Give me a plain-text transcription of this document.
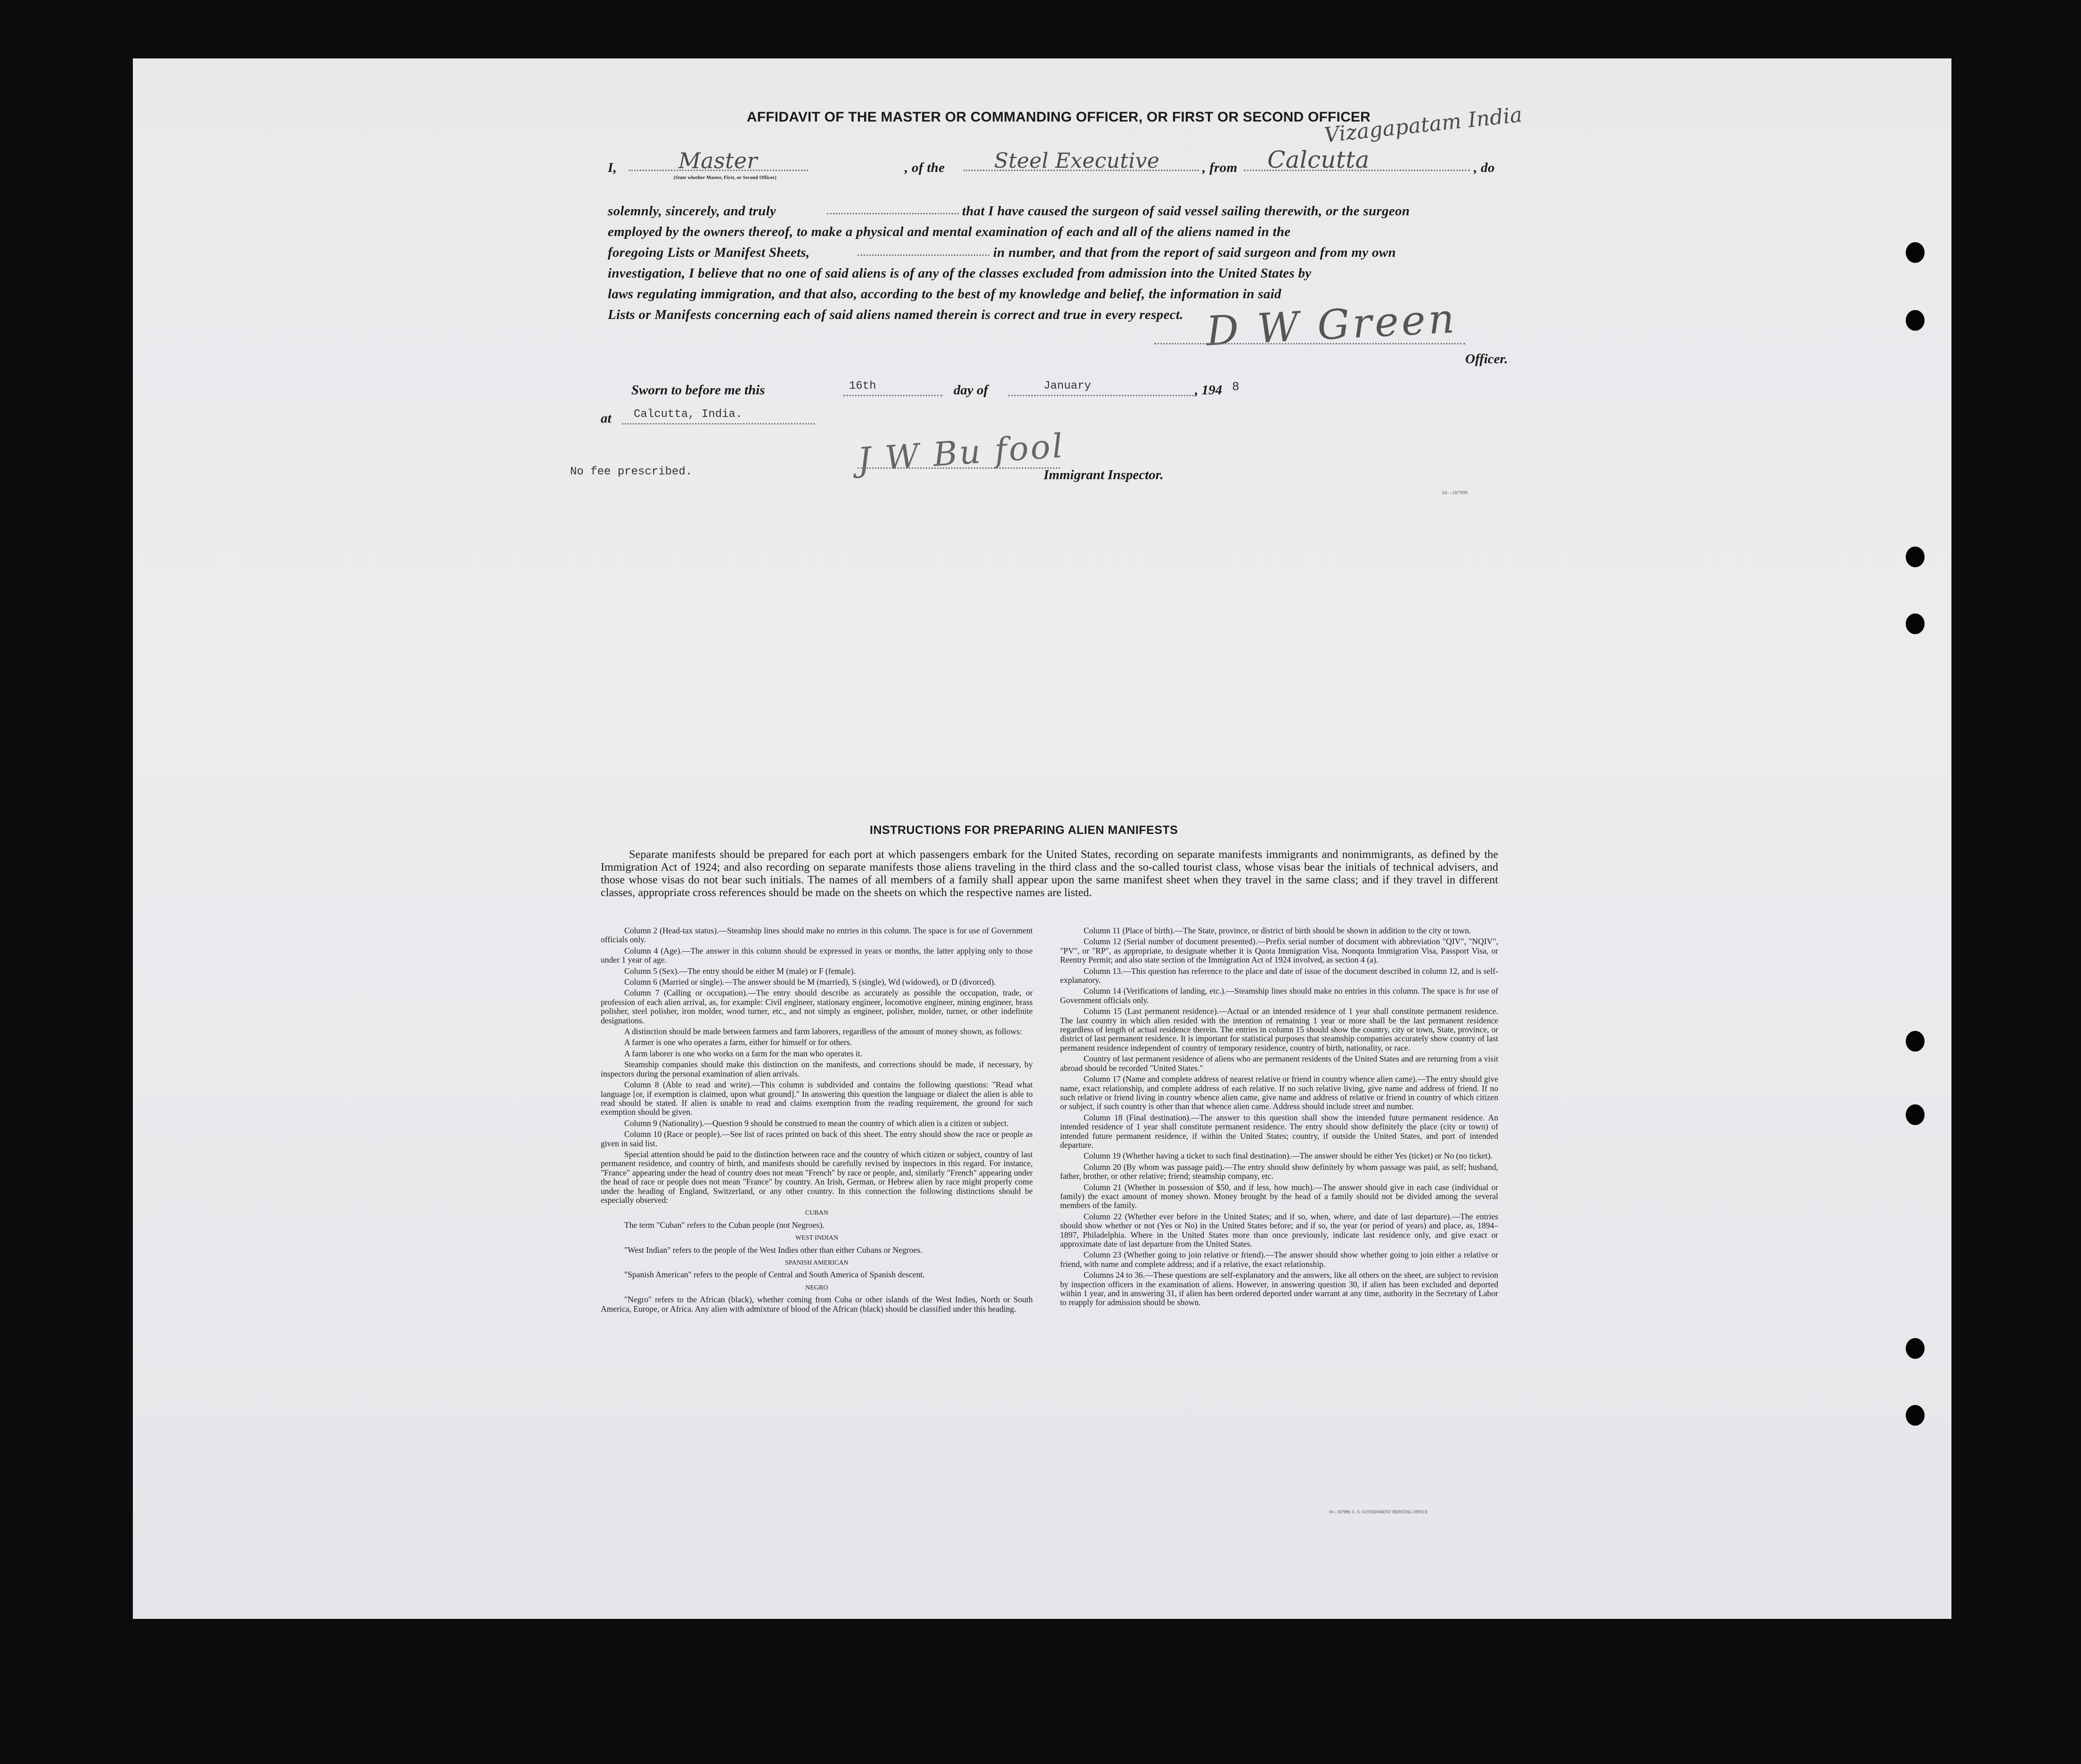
AFFIDAVIT OF THE MASTER OR COMMANDING OFFICER, OR FIRST OR SECOND OFFICER
I,	Master
(State whether Master, First, or Second Officer)
, of the Steel Executive	, from Calcutta
Vizagapatam India
, do
solemnly, sincerely, and truly	that I have caused the surgeon of said vessel sailing therewith, or the surgeon
employed by the owners thereof, to make a physical and mental examination of each and all of the aliens named in the
foregoing Lists or Manifest Sheets,	in number, and that from the report of said surgeon and from my own
investigation, I believe that no one of said aliens is of any of the classes excluded from admission into the United States by
laws regulating immigration, and that also, according to the best of my knowledge and belief, the information in said
Lists or Manifests concerning each of said aliens named therein is correct and true in every respect. D W Green
Officer.
Sworn to before me this	16th	day of	January	, 194 8
at Calcutta, India.
No fee prescribed.	J W Bu fool
Immigrant Inspector.
10—187999
INSTRUCTIONS FOR PREPARING ALIEN MANIFESTS
Separate manifests should be prepared for each port at which passengers embark for the United States, recording on separate manifests immigrants and nonimmigrants, as defined by the Immigration Act of 1924; and also recording on separate manifests those aliens traveling in the third class and the so-called tourist class, whose visas bear the initials of technical advisers, and those whose visas do not bear such initials. The names of all members of a family shall appear upon the same manifest sheet when they travel in the same class; and if they travel in different classes, appropriate cross references should be made on the sheets on which the respective names are listed.

Column 2 (Head-tax status).—Steamship lines should make no entries in this column. The space is for use of Government officials only.

Column 4 (Age).—The answer in this column should be expressed in years or months, the latter applying only to those under 1 year of age.

Column 5 (Sex).—The entry should be either M (male) or F (female).

Column 6 (Married or single).—The answer should be M (married), S (single), Wd (widowed), or D (divorced).

Column 7 (Calling or occupation).—The entry should describe as accurately as possible the occupation, trade, or profession of each alien arrival, as, for example: Civil engineer, stationary engineer, locomotive engineer, mining engineer, brass polisher, steel polisher, iron molder, wood turner, etc., and not simply as engineer, polisher, molder, turner, or other indefinite designations.

A distinction should be made between farmers and farm laborers, regardless of the amount of money shown, as follows:

A farmer is one who operates a farm, either for himself or for others.

A farm laborer is one who works on a farm for the man who operates it.

Steamship companies should make this distinction on the manifests, and corrections should be made, if necessary, by inspectors during the personal examination of alien arrivals.

Column 8 (Able to read and write).—This column is subdivided and contains the following questions: "Read what language [or, if exemption is claimed, upon what ground]." In answering this question the language or dialect the alien is able to read should be stated. If alien is unable to read and claims exemption from the reading requirement, the ground for such exemption should be given.

Column 9 (Nationality).—Question 9 should be construed to mean the country of which alien is a citizen or subject.

Column 10 (Race or people).—See list of races printed on back of this sheet. The entry should show the race or people as given in said list.

Special attention should be paid to the distinction between race and the country of which citizen or subject, country of last permanent residence, and country of birth, and manifests should be carefully revised by inspectors in this regard. For instance, "France" appearing under the head of country does not mean "French" by race or people, and, similarly "French" appearing under the head of race or people does not mean "France" by country. An Irish, German, or Hebrew alien by race might properly come under the heading of England, Switzerland, or any other country. In this connection the following distinctions should be especially observed:

CUBAN

The term "Cuban" refers to the Cuban people (not Negroes).

WEST INDIAN

"West Indian" refers to the people of the West Indies other than either Cubans or Negroes.

SPANISH AMERICAN

"Spanish American" refers to the people of Central and South America of Spanish descent.

NEGRO

"Negro" refers to the African (black), whether coming from Cuba or other islands of the West Indies, North or South America, Europe, or Africa. Any alien with admixture of blood of the African (black) should be classified under this heading.

Column 11 (Place of birth).—The State, province, or district of birth should be shown in addition to the city or town.

Column 12 (Serial number of document presented).—Prefix serial number of document with abbreviation "QIV", "NQIV", "PV", or "RP", as appropriate, to designate whether it is Quota Immigration Visa, Nonquota Immigration Visa, Passport Visa, or Reentry Permit; and also state section of the Immigration Act of 1924 involved, as section 4 (a).

Column 13.—This question has reference to the place and date of issue of the document described in column 12, and is self-explanatory.

Column 14 (Verifications of landing, etc.).—Steamship lines should make no entries in this column. The space is for use of Government officials only.

Column 15 (Last permanent residence).—Actual or an intended residence of 1 year shall constitute permanent residence. The last country in which alien resided with the intention of remaining 1 year or more shall be the last permanent residence regardless of length of actual residence therein. The entries in column 15 should show the country, city or town, State, province, or district of last permanent residence. It is important for statistical purposes that steamship companies accurately show country of last permanent residence independent of country of temporary residence, country of birth, nationality, or race.

Country of last permanent residence of aliens who are permanent residents of the United States and are returning from a visit abroad should be recorded "United States."

Column 17 (Name and complete address of nearest relative or friend in country whence alien came).—The entry should give name, exact relationship, and complete address of each relative. If no such relative living, give name and address of friend. If no such relative or friend living in country whence alien came, give name and address of relative or friend in country of which citizen or subject, if such country is other than that whence alien came. Address should include street and number.

Column 18 (Final destination).—The answer to this question shall show the intended future permanent residence. An intended residence of 1 year shall constitute permanent residence. The entry should show definitely the place (city or town) of intended future permanent residence, if within the United States; country, if outside the United States, and port of intended departure.

Column 19 (Whether having a ticket to such final destination).—The answer should be either Yes (ticket) or No (no ticket).

Column 20 (By whom was passage paid).—The entry should show definitely by whom passage was paid, as self; husband, father, brother, or other relative; friend; steamship company, etc.

Column 21 (Whether in possession of $50, and if less, how much).—The answer should give in each case (individual or family) the exact amount of money shown. Money brought by the head of a family should not be divided among the several members of the family.

Column 22 (Whether ever before in the United States; and if so, when, where, and date of last departure).—The entries should show whether or not (Yes or No) in the United States before; and if so, the year (or period of years) and place, as, 1894–1897, Philadelphia. Where in the United States more than once previously, indicate last residence only, and give exact or approximate date of last departure from the United States.

Column 23 (Whether going to join relative or friend).—The answer should show whether going to join either a relative or friend, with name and complete address; and if a relative, the exact relationship.

Columns 24 to 36.—These questions are self-explanatory and the answers, like all others on the sheet, are subject to revision by inspection officers in the examination of aliens. However, in answering question 30, if alien has been excluded and deported within 1 year, and in answering 31, if alien has been ordered deported under warrant at any time, authority in the Secretary of Labor to reapply for admission should be shown.

10—187999. U. S. GOVERNMENT PRINTING OFFICE
